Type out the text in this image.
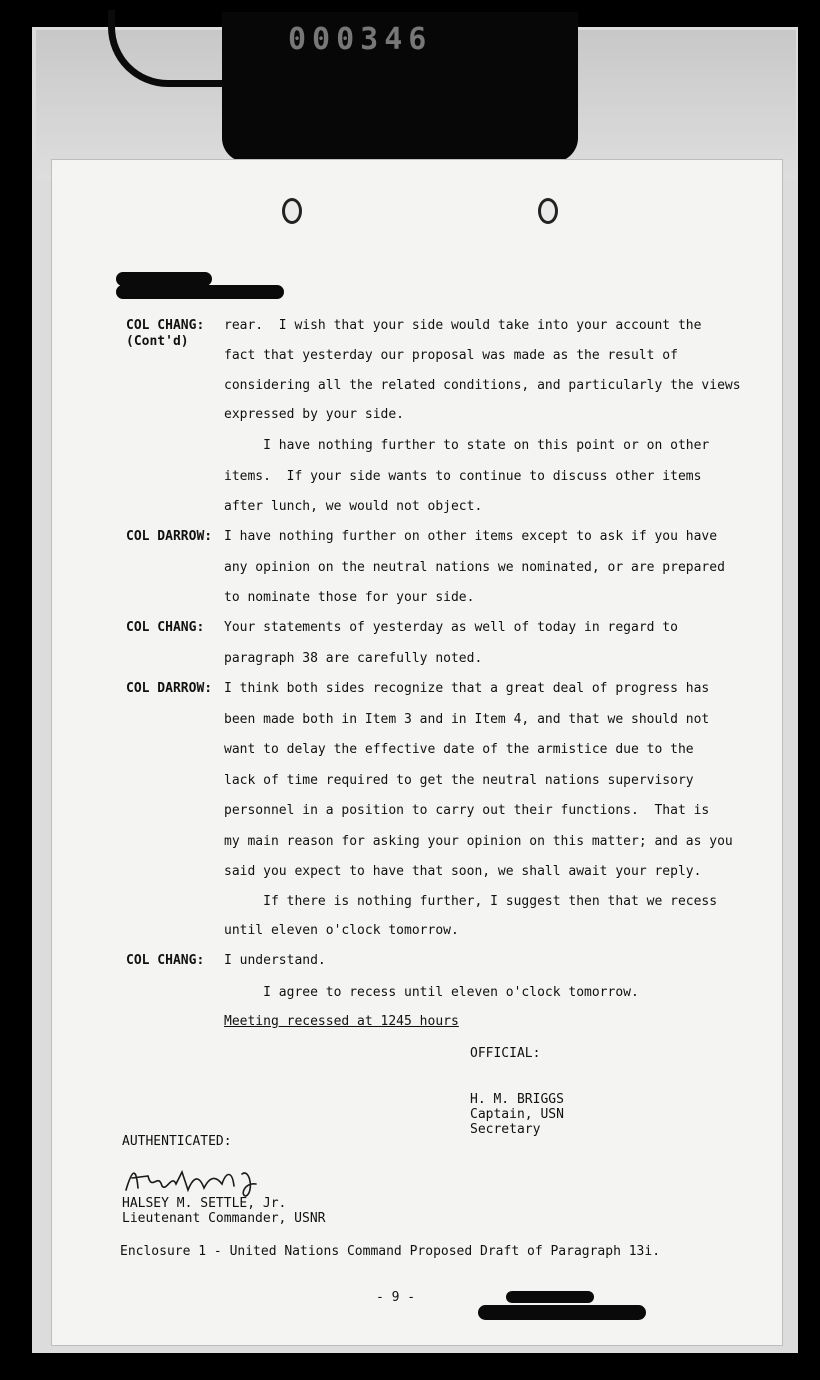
000346
COL CHANG:
(Cont'd)
rear.  I wish that your side would take into your account the
fact that yesterday our proposal was made as the result of
considering all the related conditions, and particularly the views
expressed by your side.
I have nothing further to state on this point or on other
items.  If your side wants to continue to discuss other items
after lunch, we would not object.
COL DARROW: I have nothing further on other items except to ask if you have
any opinion on the neutral nations we nominated, or are prepared
to nominate those for your side.
COL CHANG: Your statements of yesterday as well of today in regard to
paragraph 38 are carefully noted.
COL DARROW: I think both sides recognize that a great deal of progress has
been made both in Item 3 and in Item 4, and that we should not
want to delay the effective date of the armistice due to the
lack of time required to get the neutral nations supervisory
personnel in a position to carry out their functions.  That is
my main reason for asking your opinion on this matter; and as you
said you expect to have that soon, we shall await your reply.
If there is nothing further, I suggest then that we recess
until eleven o'clock tomorrow.
COL CHANG: I understand.
I agree to recess until eleven o'clock tomorrow.
Meeting recessed at 1245 hours
OFFICIAL:
H. M. BRIGGS
Captain, USN
Secretary
AUTHENTICATED:
HALSEY M. SETTLE, Jr.
Lieutenant Commander, USNR
Enclosure 1 - United Nations Command Proposed Draft of Paragraph 13i.
- 9 -
